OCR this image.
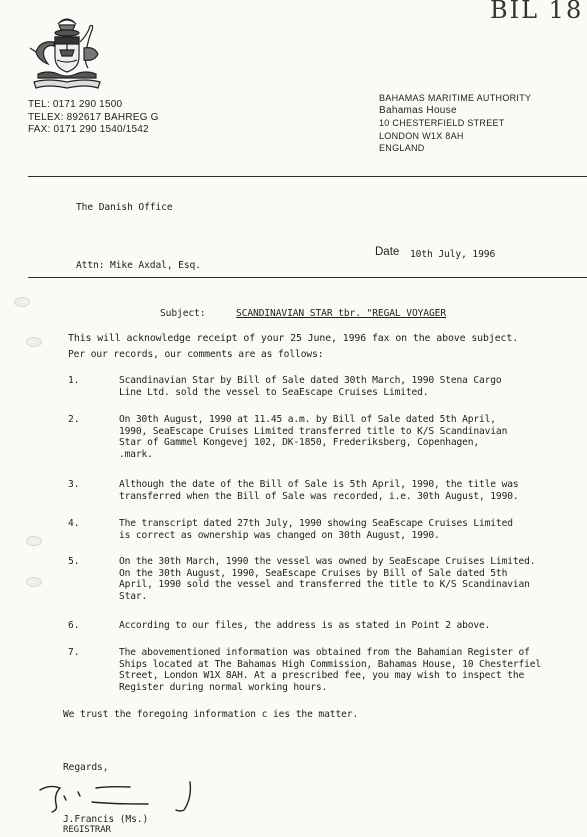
BIL 18
TEL: 0171 290 1500
TELEX: 892617 BAHREG G
FAX: 0171 290 1540/1542
BAHAMAS MARITIME AUTHORITY
Bahamas House
10 CHESTERFIELD STREET
LONDON W1X 8AH
ENGLAND
The Danish Office
Date 10th July, 1996
Attn: Mike Axdal, Esq.
Subject:	SCANDINAVIAN STAR tbr. "REGAL VOYAGER
This will acknowledge receipt of your 25 June, 1996 fax on the above subject.
Per our records, our comments are as follows:
1.	Scandinavian Star by Bill of Sale dated 30th March, 1990 Stena Cargo
Line Ltd. sold the vessel to SeaEscape Cruises Limited.
2.	On 30th August, 1990 at 11.45 a.m. by Bill of Sale dated 5th April,
1990, SeaEscape Cruises Limited transferred title to K/S Scandinavian
Star of Gammel Kongevej 102, DK-1850, Frederiksberg, Copenhagen,
.mark.
3.	Although the date of the Bill of Sale is 5th April, 1990, the title was
transferred when the Bill of Sale was recorded, i.e. 30th August, 1990.
4.	The transcript dated 27th July, 1990 showing SeaEscape Cruises Limited
is correct as ownership was changed on 30th August, 1990.
5.	On the 30th March, 1990 the vessel was owned by SeaEscape Cruises Limited.
On the 30th August, 1990, SeaEscape Cruises by Bill of Sale dated 5th
April, 1990 sold the vessel and transferred the title to K/S Scandinavian
Star.
6.	According to our files, the address is as stated in Point 2 above.
7.	The abovementioned information was obtained from the Bahamian Register of
Ships located at The Bahamas High Commission, Bahamas House, 10 Chesterfiel
Street, London W1X 8AH. At a prescribed fee, you may wish to inspect the
Register during normal working hours.
We trust the foregoing information c ies the matter.
Regards,
J.Francis (Ms.)
REGISTRAR
